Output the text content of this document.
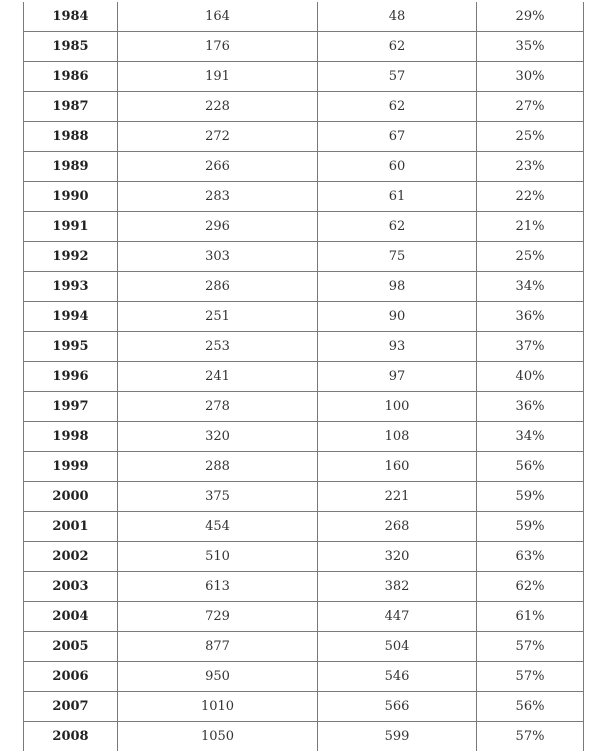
1984	164	48	29%
1985	176	62	35%
1986	191	57	30%
1987	228	62	27%
1988	272	67	25%
1989	266	60	23%
1990	283	61	22%
1991	296	62	21%
1992	303	75	25%
1993	286	98	34%
1994	251	90	36%
1995	253	93	37%
1996	241	97	40%
1997	278	100	36%
1998	320	108	34%
1999	288	160	56%
2000	375	221	59%
2001	454	268	59%
2002	510	320	63%
2003	613	382	62%
2004	729	447	61%
2005	877	504	57%
2006	950	546	57%
2007	1010	566	56%
2008	1050	599	57%
